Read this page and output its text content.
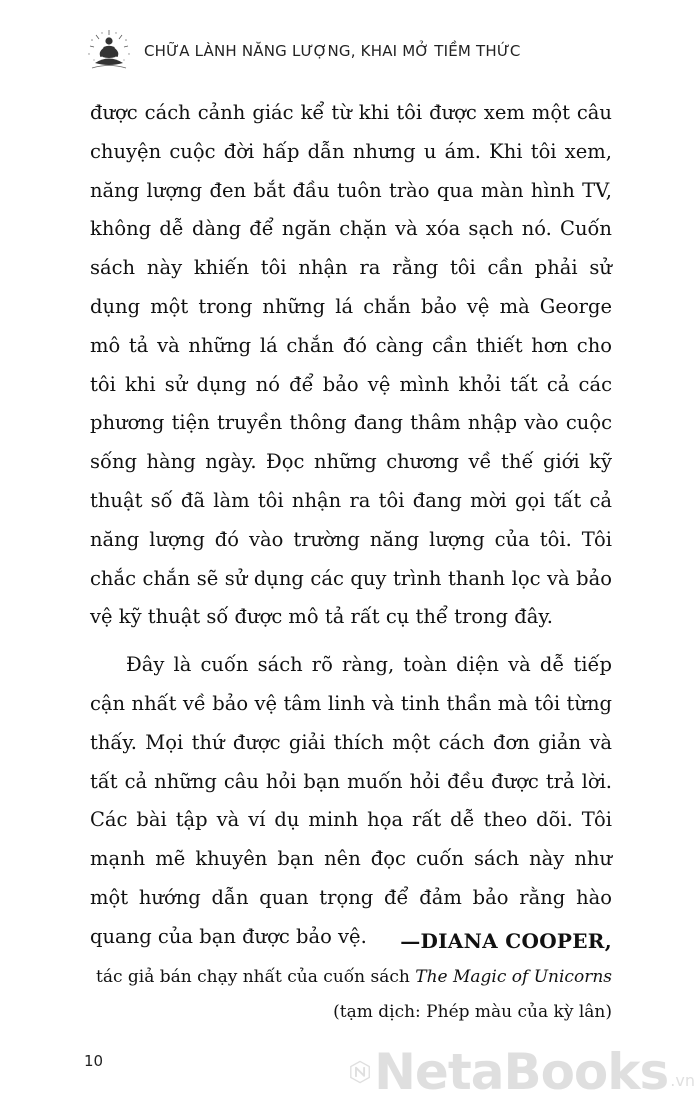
CHỮA LÀNH NĂNG LƯỢNG, KHAI MỞ TIỀM THỨC

được cách cảnh giác kể từ khi tôi được xem một câu chuyện cuộc đời hấp dẫn nhưng u ám. Khi tôi xem, năng lượng đen bắt đầu tuôn trào qua màn hình TV, không dễ dàng để ngăn chặn và xóa sạch nó. Cuốn sách này khiến tôi nhận ra rằng tôi cần phải sử dụng một trong những lá chắn bảo vệ mà George mô tả và những lá chắn đó càng cần thiết hơn cho tôi khi sử dụng nó để bảo vệ mình khỏi tất cả các phương tiện truyền thông đang thâm nhập vào cuộc sống hàng ngày. Đọc những chương về thế giới kỹ thuật số đã làm tôi nhận ra tôi đang mời gọi tất cả năng lượng đó vào trường năng lượng của tôi. Tôi chắc chắn sẽ sử dụng các quy trình thanh lọc và bảo vệ kỹ thuật số được mô tả rất cụ thể trong đây.

Đây là cuốn sách rõ ràng, toàn diện và dễ tiếp cận nhất về bảo vệ tâm linh và tinh thần mà tôi từng thấy. Mọi thứ được giải thích một cách đơn giản và tất cả những câu hỏi bạn muốn hỏi đều được trả lời. Các bài tập và ví dụ minh họa rất dễ theo dõi. Tôi mạnh mẽ khuyên bạn nên đọc cuốn sách này như một hướng dẫn quan trọng để đảm bảo rằng hào quang của bạn được bảo vệ.	—DIANA COOPER,
tác giả bán chạy nhất của cuốn sách The Magic of Unicorns
(tạm dịch: Phép màu của kỳ lân)
10	NetaBooks .vn
